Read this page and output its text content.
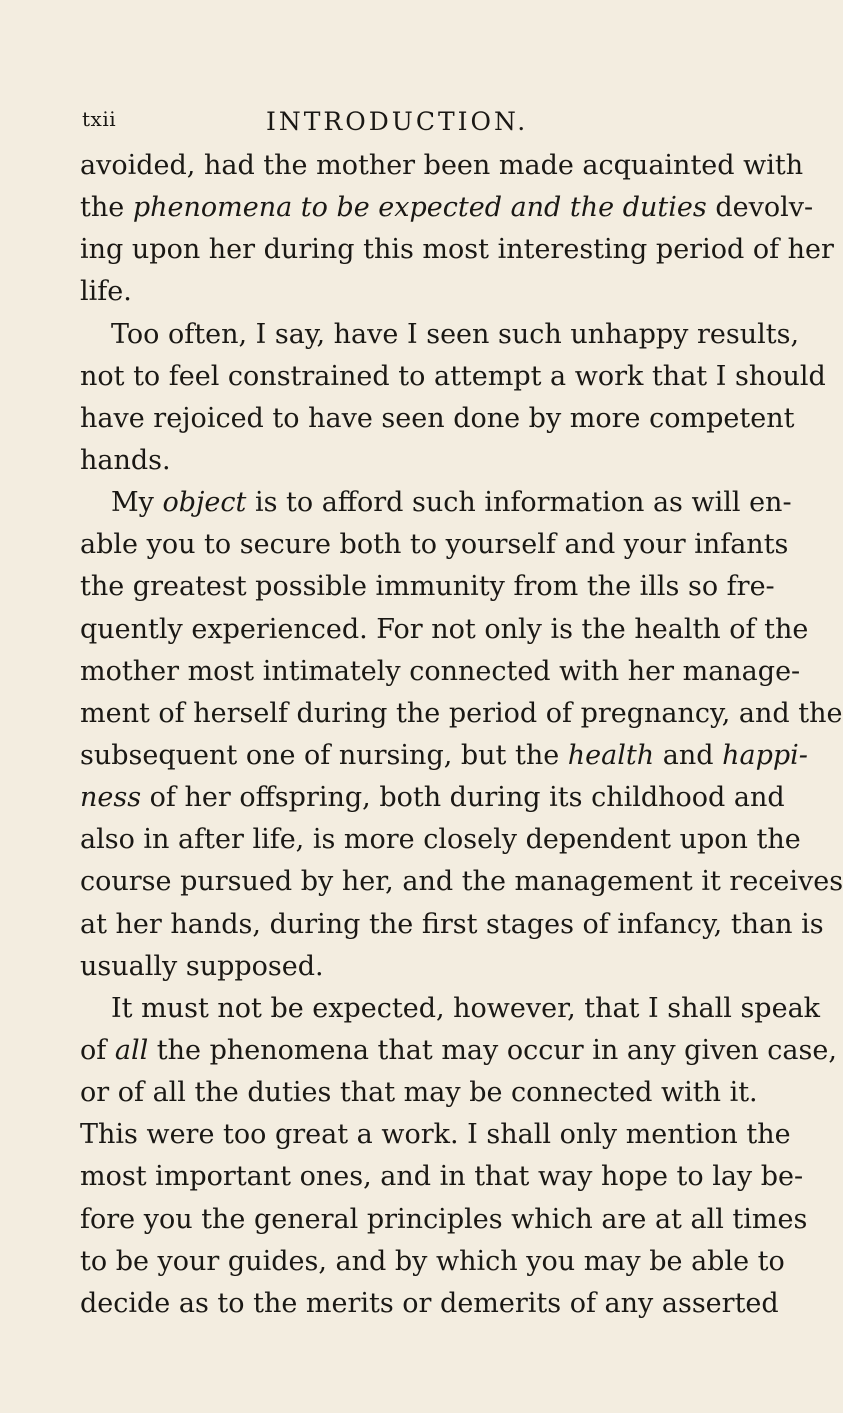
txii	INTRODUCTION.
avoided, had the mother been made acquainted with
the phenomena to be expected and the duties devolv-
ing upon her during this most interesting period of her
life.
Too often, I say, have I seen such unhappy results,
not to feel constrained to attempt a work that I should
have rejoiced to have seen done by more competent
hands.
My object is to afford such information as will en-
able you to secure both to yourself and your infants
the greatest possible immunity from the ills so fre-
quently experienced. For not only is the health of the
mother most intimately connected with her manage-
ment of herself during the period of pregnancy, and the
subsequent one of nursing, but the health and happi-
ness of her offspring, both during its childhood and
also in after life, is more closely dependent upon the
course pursued by her, and the management it receives
at her hands, during the first stages of infancy, than is
usually supposed.
It must not be expected, however, that I shall speak
of all the phenomena that may occur in any given case,
or of all the duties that may be connected with it.
This were too great a work. I shall only mention the
most important ones, and in that way hope to lay be-
fore you the general principles which are at all times
to be your guides, and by which you may be able to
decide as to the merits or demerits of any asserted
